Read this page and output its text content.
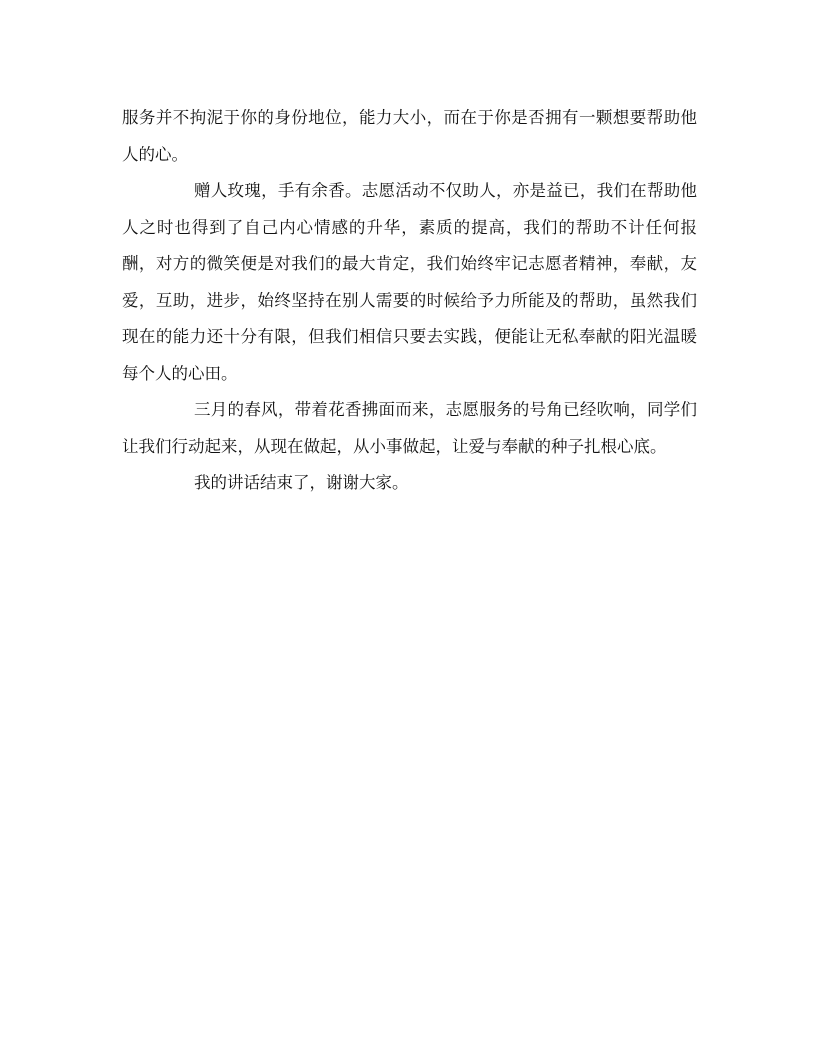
服务并不拘泥于你的身份地位，能力大小，而在于你是否拥有一颗想要帮助他人的心。

赠人玫瑰，手有余香。志愿活动不仅助人，亦是益已，我们在帮助他人之时也得到了自己内心情感的升华，素质的提高，我们的帮助不计任何报酬，对方的微笑便是对我们的最大肯定，我们始终牢记志愿者精神，奉献，友爱，互助，进步，始终坚持在别人需要的时候给予力所能及的帮助，虽然我们现在的能力还十分有限，但我们相信只要去实践，便能让无私奉献的阳光温暖每个人的心田。

三月的春风，带着花香拂面而来，志愿服务的号角已经吹响，同学们让我们行动起来，从现在做起，从小事做起，让爱与奉献的种子扎根心底。

我的讲话结束了，谢谢大家。
